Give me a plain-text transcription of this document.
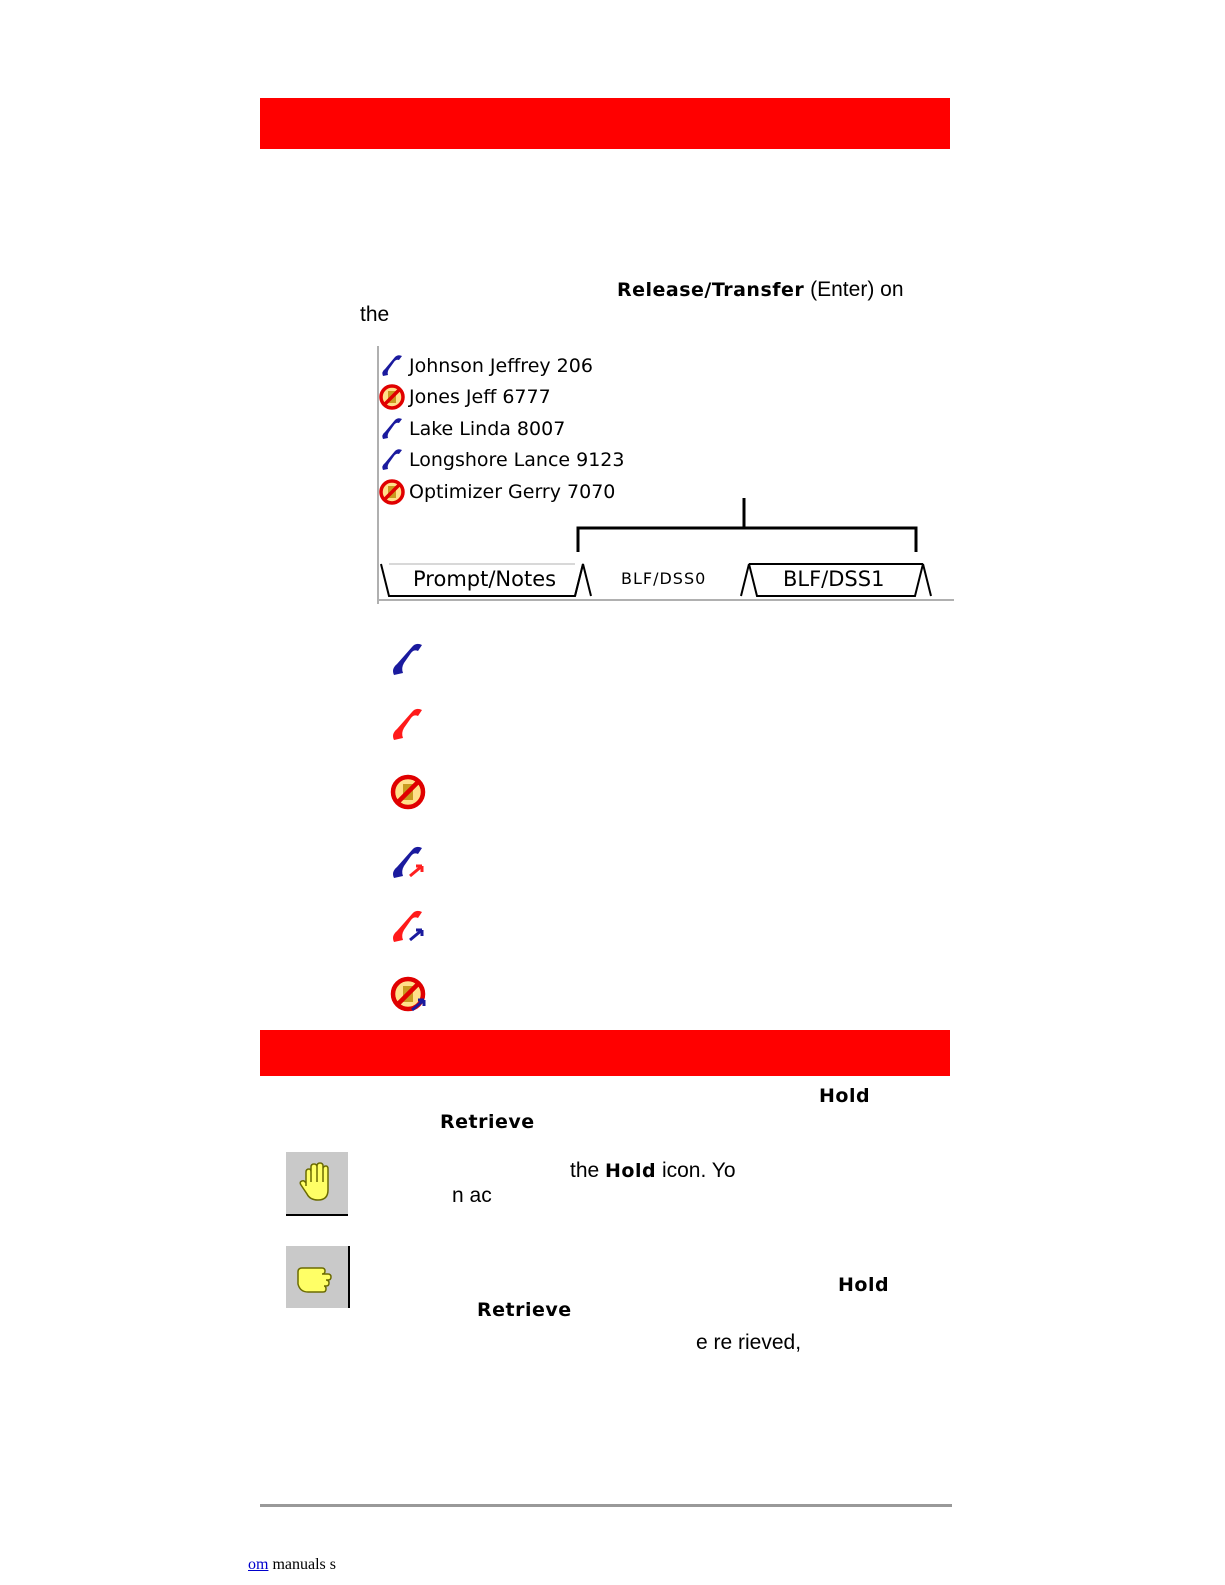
Release/Transfer (Enter) on
the
Johnson Jeffrey 206
Jones Jeff 6777
Lake Linda 8007
Longshore Lance 9123
Optimizer Gerry 7070
Prompt/Notes	BLF/DSS0	BLF/DSS1
Hold
Retrieve
the Hold icon. Yo
n ac
Hold
Retrieve
e re rieved,
om manuals s
